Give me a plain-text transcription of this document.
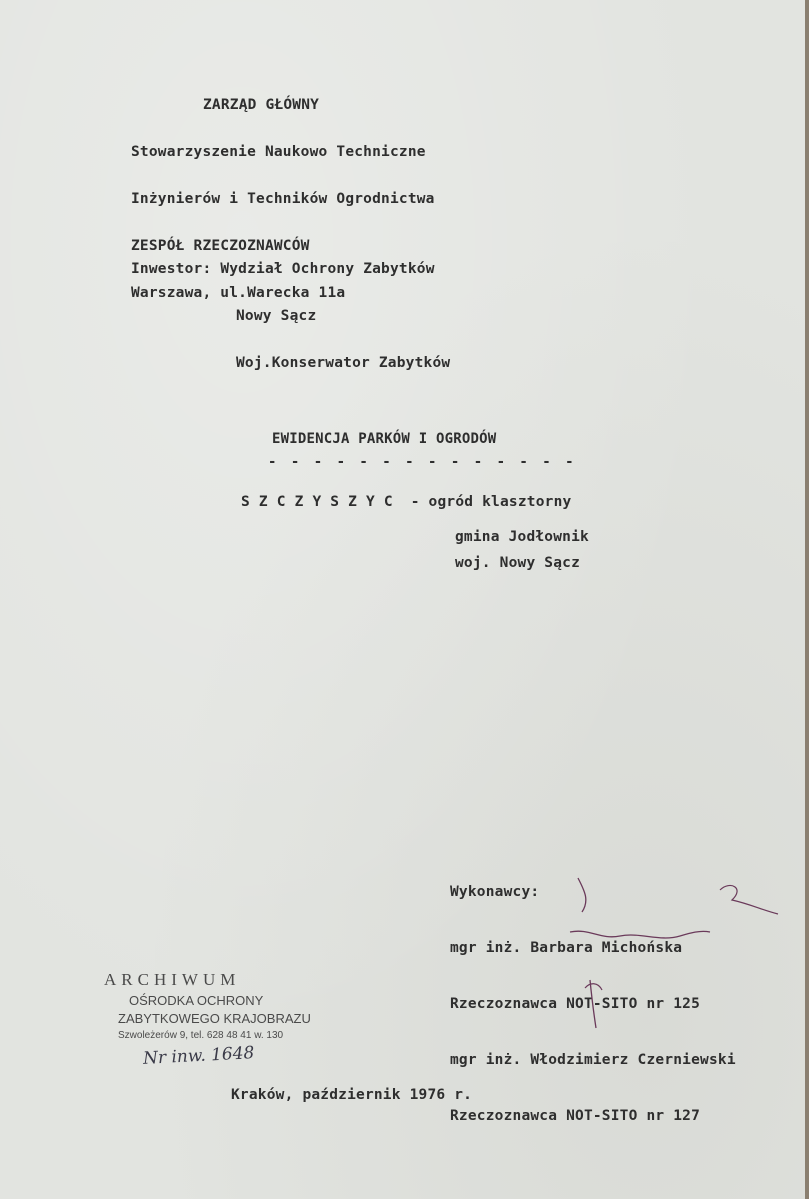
ZARZĄD GŁÓWNY

Stowarzyszenie Naukowo Techniczne

Inżynierów i Techników Ogrodnictwa

ZESPÓŁ RZECZOZNAWCÓW

Warszawa, ul.Warecka 11a

Inwestor: Wydział Ochrony Zabytków

Nowy Sącz

Woj.Konserwator Zabytków

EWIDENCJA PARKÓW I OGRODÓW
- - - - - - - - - - - - - -
S Z C Z Y S Z Y C - ogród klasztorny
gmina Jodłownik
woj. Nowy Sącz

Wykonawcy:

mgr inż. Barbara Michońska

Rzeczoznawca NOT-SITO nr 125

mgr inż. Włodzimierz Czerniewski

Rzeczoznawca NOT-SITO nr 127

ARCHIWUM
OŚRODKA OCHRONY
ZABYTKOWEGO KRAJOBRAZU
Szwoleżerów 9, tel. 628 48 41 w. 130
Nr inw. 1648
Kraków, październik 1976 r.
